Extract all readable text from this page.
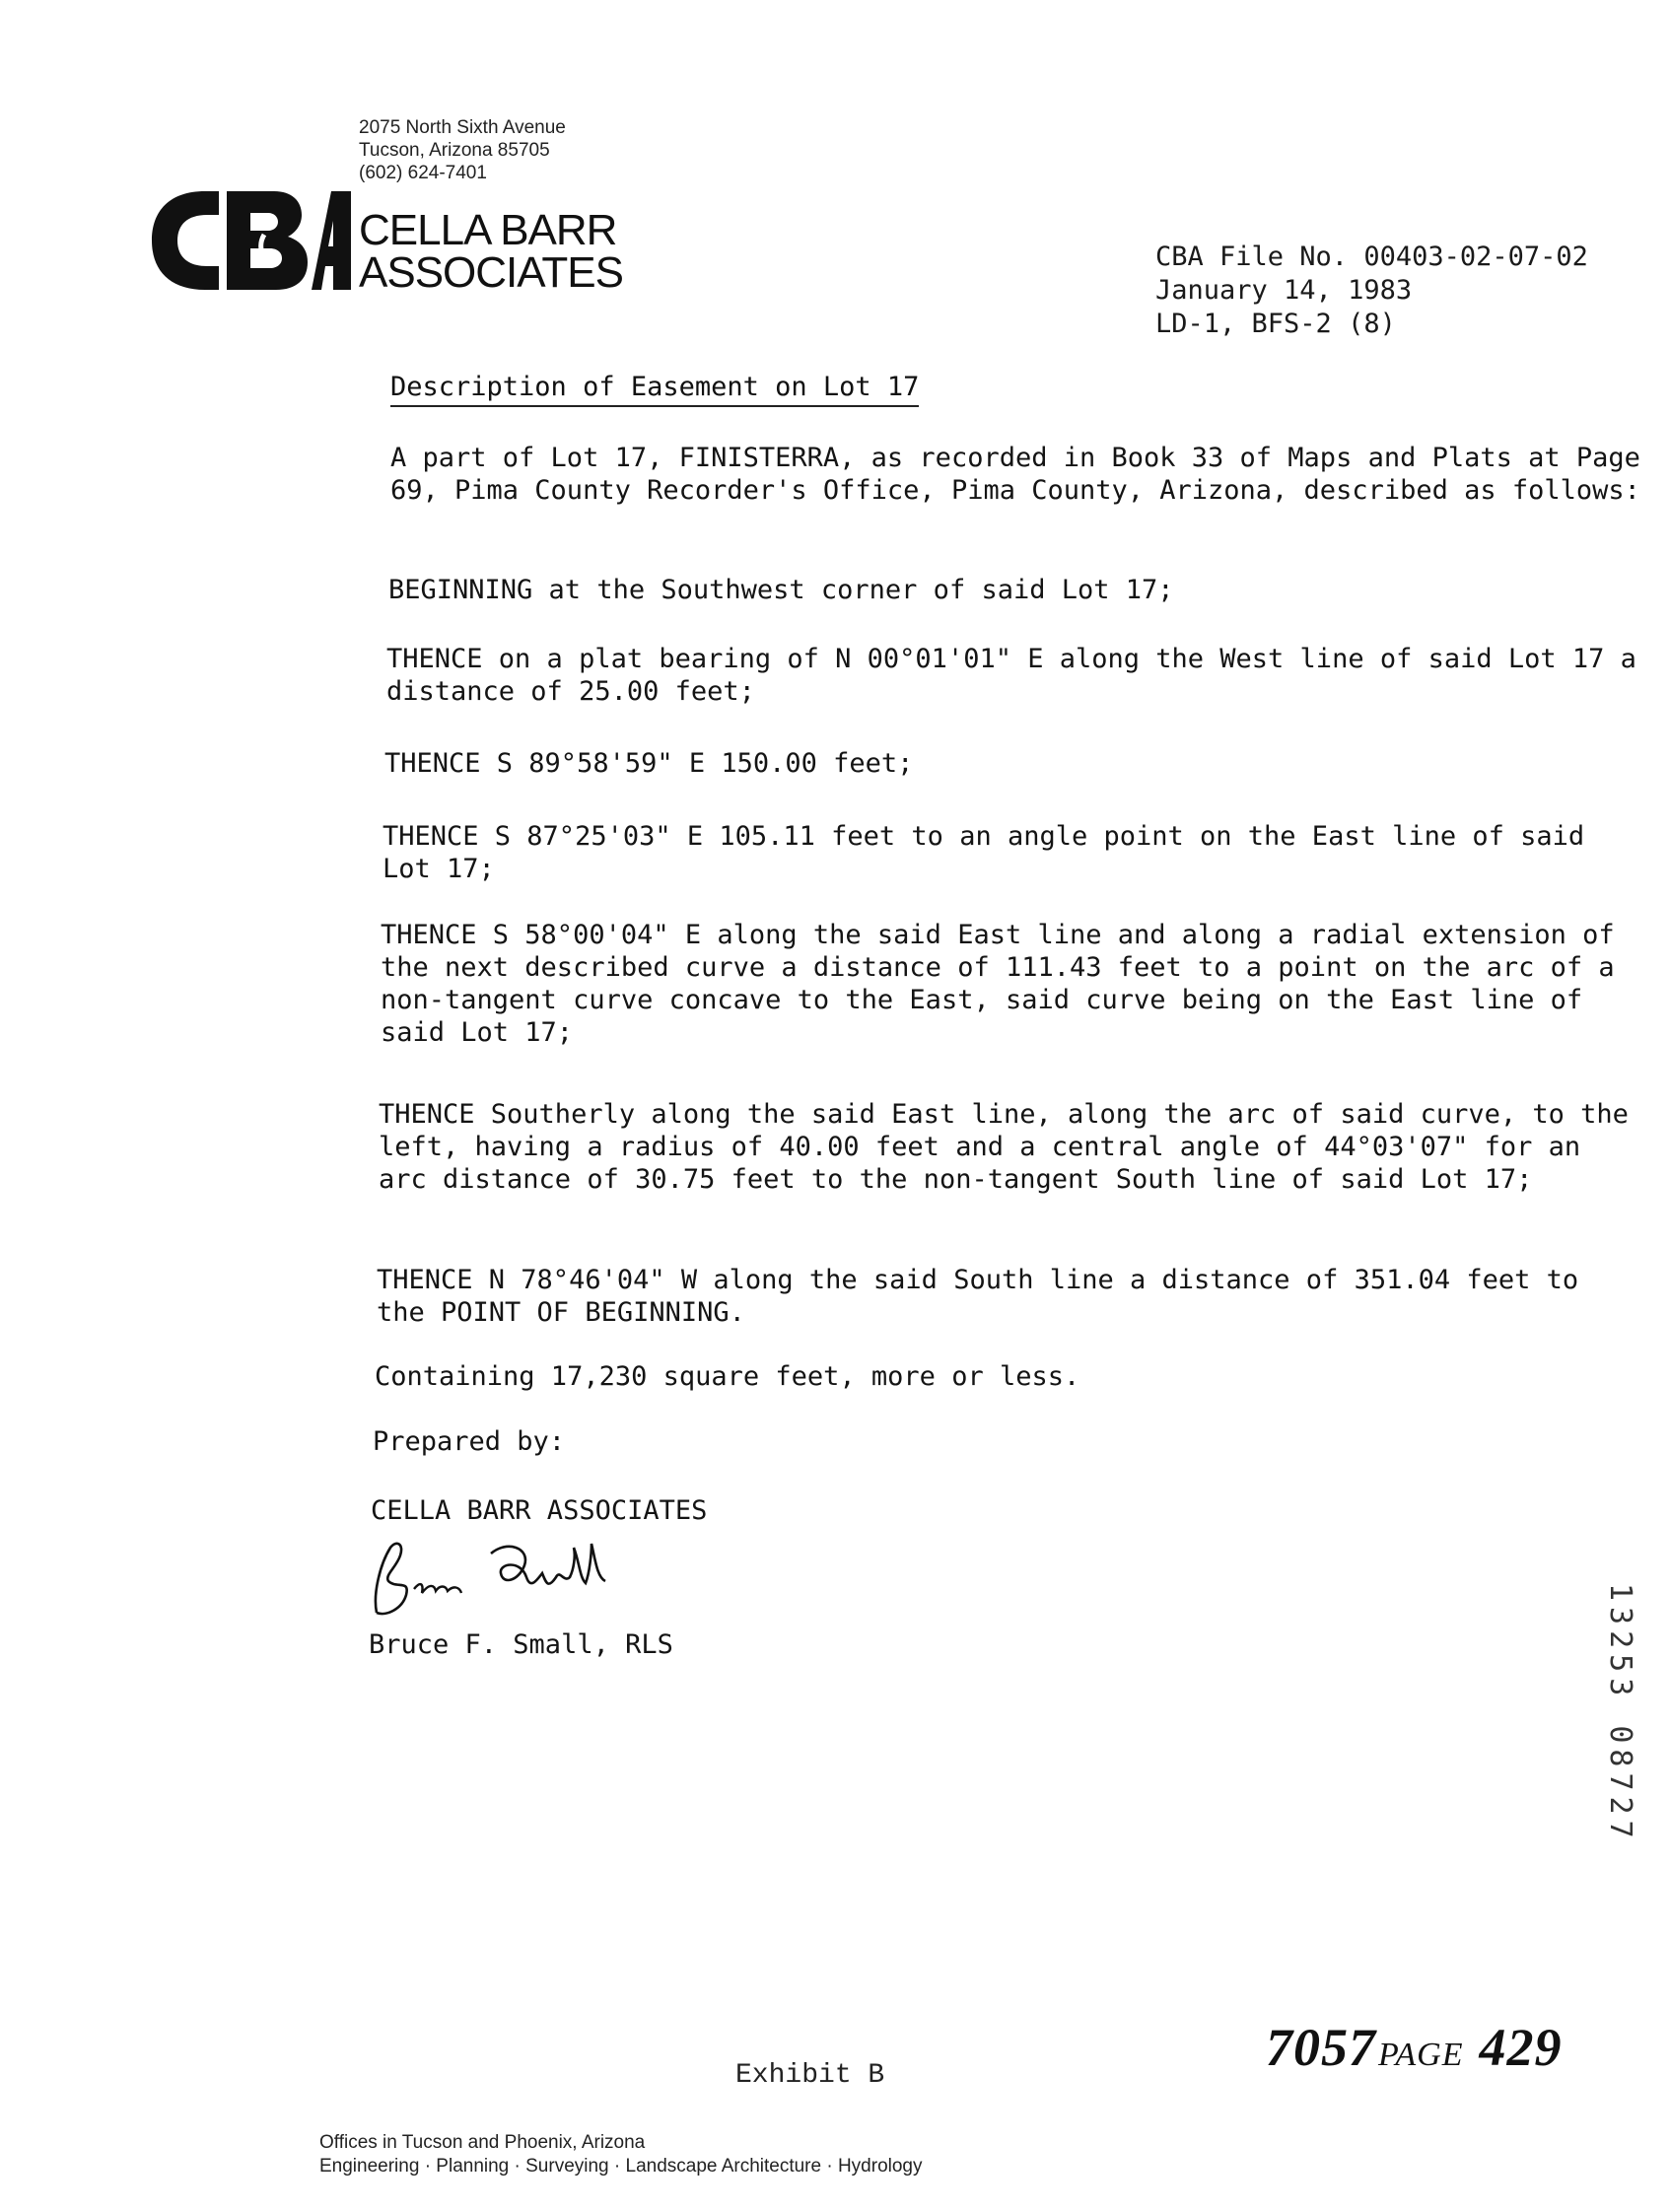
2075 North Sixth Avenue
Tucson, Arizona 85705
(602) 624-7401
CELLA BARR
ASSOCIATES	CBA File No. 00403-02-07-02
January 14, 1983
LD-1, BFS-2 (8)
Description of Easement on Lot 17
A part of Lot 17, FINISTERRA, as recorded in Book 33 of Maps and Plats at Page 69, Pima County Recorder's Office, Pima County, Arizona, described as follows:
BEGINNING at the Southwest corner of said Lot 17;
THENCE on a plat bearing of N 00°01'01" E along the West line of said Lot 17 a distance of 25.00 feet;
THENCE S 89°58'59" E 150.00 feet;
THENCE S 87°25'03" E 105.11 feet to an angle point on the East line of said Lot 17;
THENCE S 58°00'04" E along the said East line and along a radial extension of the next described curve a distance of 111.43 feet to a point on the arc of a non-tangent curve concave to the East, said curve being on the East line of said Lot 17;
THENCE Southerly along the said East line, along the arc of said curve, to the left, having a radius of 40.00 feet and a central angle of 44°03'07" for an arc distance of 30.75 feet to the non-tangent South line of said Lot 17;
THENCE N 78°46'04" W along the said South line a distance of 351.04 feet to the POINT OF BEGINNING.
Containing 17,230 square feet, more or less.
Prepared by:
CELLA BARR ASSOCIATES
Bruce F. Small, RLS	13253 08727
Exhibit B	7057PAGE 429
Offices in Tucson and Phoenix, Arizona
Engineering · Planning · Surveying · Landscape Architecture · Hydrology
